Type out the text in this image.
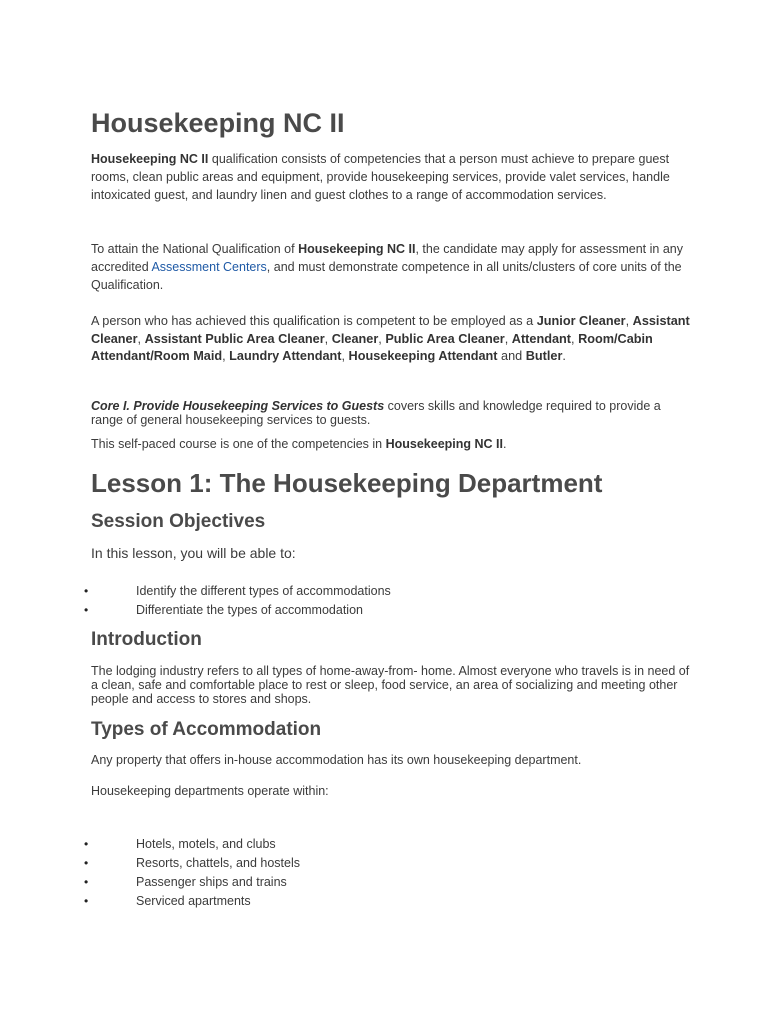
Housekeeping NC II

Housekeeping NC II qualification consists of competencies that a person must achieve to prepare guest rooms, clean public areas and equipment, provide housekeeping services, provide valet services, handle intoxicated guest, and laundry linen and guest clothes to a range of accommodation services.

To attain the National Qualification of Housekeeping NC II, the candidate may apply for assessment in any accredited Assessment Centers, and must demonstrate competence in all units/clusters of core units of the Qualification.

A person who has achieved this qualification is competent to be employed as a Junior Cleaner, Assistant Cleaner, Assistant Public Area Cleaner, Cleaner, Public Area Cleaner, Attendant, Room/Cabin Attendant/Room Maid, Laundry Attendant, Housekeeping Attendant and Butler.

Core I. Provide Housekeeping Services to Guests covers skills and knowledge required to provide a range of general housekeeping services to guests.

This self-paced course is one of the competencies in Housekeeping NC II.

Lesson 1: The Housekeeping Department
Session Objectives

In this lesson, you will be able to:

•	Identify the different types of accommodations
•	Differentiate the types of accommodation
Introduction

The lodging industry refers to all types of home-away-from- home. Almost everyone who travels is in need of a clean, safe and comfortable place to rest or sleep, food service, an area of socializing and meeting other people and access to stores and shops.

Types of Accommodation

Any property that offers in-house accommodation has its own housekeeping department.

Housekeeping departments operate within:

•	Hotels, motels, and clubs
•	Resorts, chattels, and hostels
•	Passenger ships and trains
•	Serviced apartments
